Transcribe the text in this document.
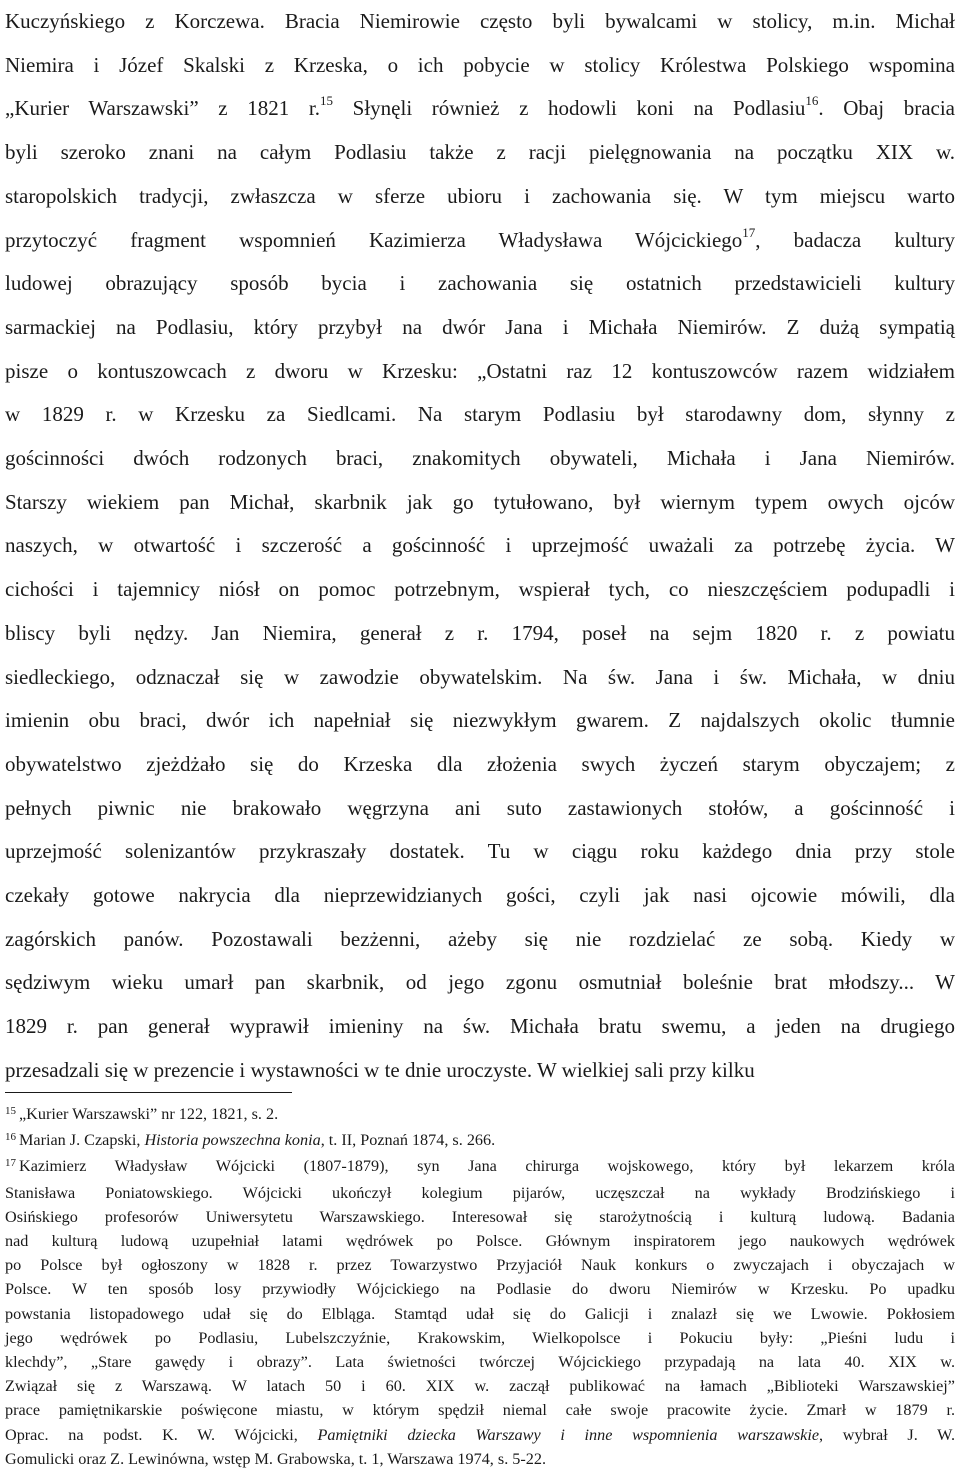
Kuczyńskiego z Korczewa. Bracia Niemirowie często byli bywalcami w stolicy, m.in. Michał
Niemira i Józef Skalski z Krzeska, o ich pobycie w stolicy Królestwa Polskiego wspomina
„Kurier Warszawski” z 1821 r.$^{15}$ Słynęli również z hodowli koni na Podlasiu$^{16}$. Obaj bracia
byli szeroko znani na całym Podlasiu także z racji pielęgnowania na początku XIX w.
staropolskich tradycji, zwłaszcza w sferze ubioru i zachowania się. W tym miejscu warto
przytoczyć fragment wspomnień Kazimierza Władysława Wójcickiego$^{17}$, badacza kultury
ludowej obrazujący sposób bycia i zachowania się ostatnich przedstawicieli kultury
sarmackiej na Podlasiu, który przybył na dwór Jana i Michała Niemirów. Z dużą sympatią
pisze o kontuszowcach z dworu w Krzesku: „Ostatni raz 12 kontuszowców razem widziałem
w 1829 r. w Krzesku za Siedlcami. Na starym Podlasiu był starodawny dom, słynny z
gościnności dwóch rodzonych braci, znakomitych obywateli, Michała i Jana Niemirów.
Starszy wiekiem pan Michał, skarbnik jak go tytułowano, był wiernym typem owych ojców
naszych, w otwartość i szczerość a gościnność i uprzejmość uważali za potrzebę życia. W
cichości i tajemnicy niósł on pomoc potrzebnym, wspierał tych, co nieszczęściem podupadli i
bliscy byli nędzy. Jan Niemira, generał z r. 1794, poseł na sejm 1820 r. z powiatu
siedleckiego, odznaczał się w zawodzie obywatelskim. Na św. Jana i św. Michała, w dniu
imienin obu braci, dwór ich napełniał się niezwykłym gwarem. Z najdalszych okolic tłumnie
obywatelstwo zjeżdżało się do Krzeska dla złożenia swych życzeń starym obyczajem; z
pełnych piwnic nie brakowało węgrzyna ani suto zastawionych stołów, a gościnność i
uprzejmość solenizantów przykraszały dostatek. Tu w ciągu roku każdego dnia przy stole
czekały gotowe nakrycia dla nieprzewidzianych gości, czyli jak nasi ojcowie mówili, dla
zagórskich panów. Pozostawali bezżenni, ażeby się nie rozdzielać ze sobą. Kiedy w
sędziwym wieku umarł pan skarbnik, od jego zgonu osmutniał boleśnie brat młodszy... W
1829 r. pan generał wyprawił imieniny na św. Michała bratu swemu, a jeden na drugiego
przesadzali się w prezencie i wystawności w te dnie uroczyste. W wielkiej sali przy kilku
$^{15}$ „Kurier Warszawski” nr 122, 1821, s. 2.
$^{16}$ Marian J. Czapski, Historia powszechna konia, t. II, Poznań 1874, s. 266.
$^{17}$ Kazimierz Władysław Wójcicki (1807-1879), syn Jana chirurga wojskowego, który był lekarzem króla
Stanisława Poniatowskiego. Wójcicki ukończył kolegium pijarów, uczęszczał na wykłady Brodzińskiego i
Osińskiego profesorów Uniwersytetu Warszawskiego. Interesował się starożytnością i kulturą ludową. Badania
nad kulturą ludową uzupełniał latami wędrówek po Polsce. Głównym inspiratorem jego naukowych wędrówek
po Polsce był ogłoszony w 1828 r. przez Towarzystwo Przyjaciół Nauk konkurs o zwyczajach i obyczajach w
Polsce. W ten sposób losy przywiodły Wójcickiego na Podlasie do dworu Niemirów w Krzesku. Po upadku
powstania listopadowego udał się do Elbląga. Stamtąd udał się do Galicji i znalazł się we Lwowie. Pokłosiem
jego wędrówek po Podlasiu, Lubelszczyźnie, Krakowskim, Wielkopolsce i Pokuciu były: „Pieśni ludu i
klechdy”, „Stare gawędy i obrazy”. Lata świetności twórczej Wójcickiego przypadają na lata 40. XIX w.
Związał się z Warszawą. W latach 50 i 60. XIX w. zaczął publikować na łamach „Biblioteki Warszawskiej”
prace pamiętnikarskie poświęcone miastu, w którym spędził niemal całe swoje pracowite życie. Zmarł w 1879 r.
Oprac. na podst. K. W. Wójcicki, Pamiętniki dziecka Warszawy i inne wspomnienia warszawskie, wybrał J. W.
Gomulicki oraz Z. Lewinówna, wstęp M. Grabowska, t. 1, Warszawa 1974, s. 5-22.
